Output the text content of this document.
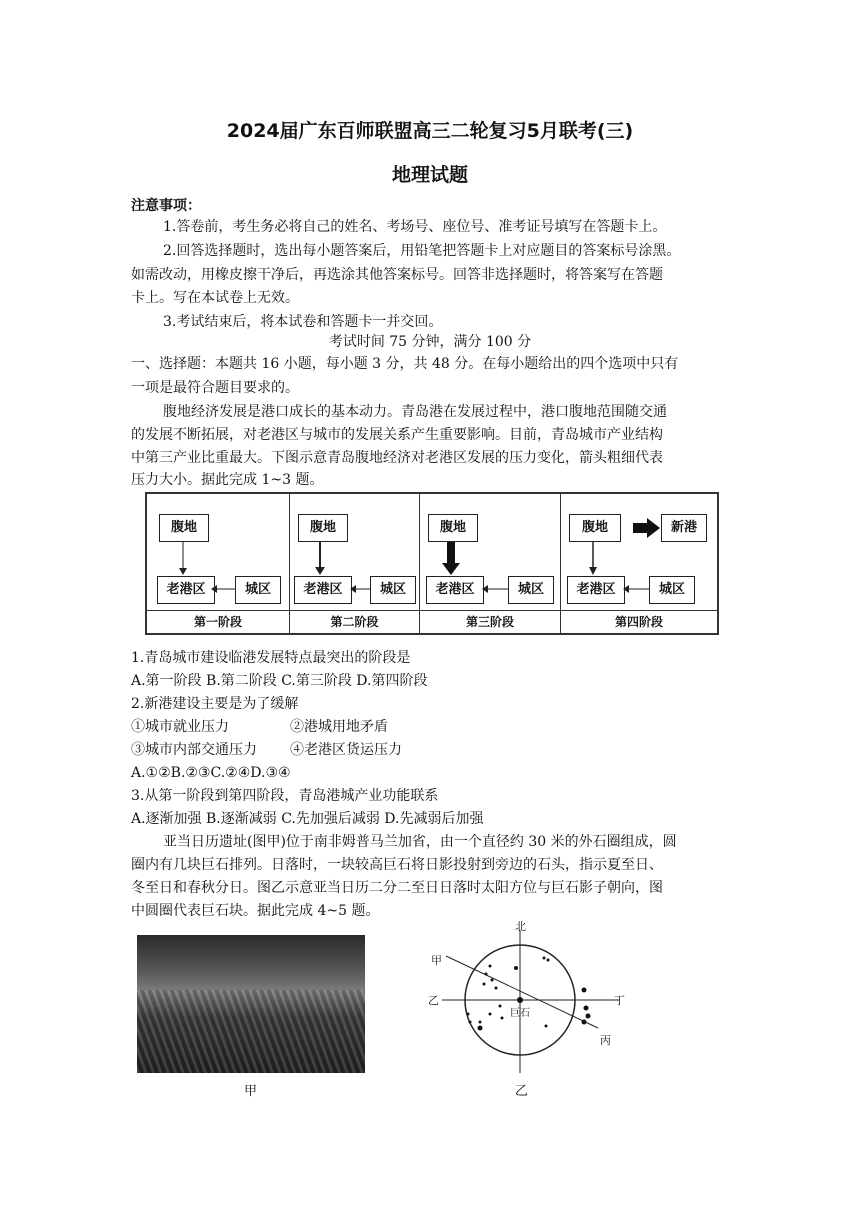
2024届广东百师联盟高三二轮复习5月联考(三)
地理试题
注意事项：
1.答卷前，考生务必将自己的姓名、考场号、座位号、准考证号填写在答题卡上。
2.回答选择题时，选出每小题答案后，用铅笔把答题卡上对应题目的答案标号涂黑。
如需改动，用橡皮擦干净后，再选涂其他答案标号。回答非选择题时，将答案写在答题
卡上。写在本试卷上无效。
3.考试结束后，将本试卷和答题卡一并交回。
考试时间 75 分钟，满分 100 分
一、选择题：本题共 16 小题，每小题 3 分，共 48 分。在每小题给出的四个选项中只有
一项是最符合题目要求的。
腹地经济发展是港口成长的基本动力。青岛港在发展过程中，港口腹地范围随交通
的发展不断拓展，对老港区与城市的发展关系产生重要影响。目前，青岛城市产业结构
中第三产业比重最大。下图示意青岛腹地经济对老港区发展的压力变化，箭头粗细代表
压力大小。据此完成 1~3 题。
腹地
老港区	城区
第一阶段
腹地
老港区	城区
第二阶段
腹地
老港区	城区
第三阶段
腹地	新港
老港区	城区
第四阶段
1.青岛城市建设临港发展特点最突出的阶段是
A.第一阶段 B.第二阶段 C.第三阶段 D.第四阶段
2.新港建设主要是为了缓解
①城市就业压力	②港城用地矛盾
③城市内部交通压力 ④老港区货运压力
A.①②B.②③C.②④D.③④
3.从第一阶段到第四阶段，青岛港城产业功能联系
A.逐渐加强 B.逐渐减弱 C.先加强后减弱 D.先减弱后加强
亚当日历遗址(图甲)位于南非姆普马兰加省，由一个直径约 30 米的外石圈组成，圆
圈内有几块巨石排列。日落时，一块较高巨石将日影投射到旁边的石头，指示夏至日、
冬至日和春秋分日。图乙示意亚当日历二分二至日日落时太阳方位与巨石影子朝向，图
中圆圈代表巨石块。据此完成 4~5 题。
甲
北
甲
乙	丁
丙
巨石
乙
